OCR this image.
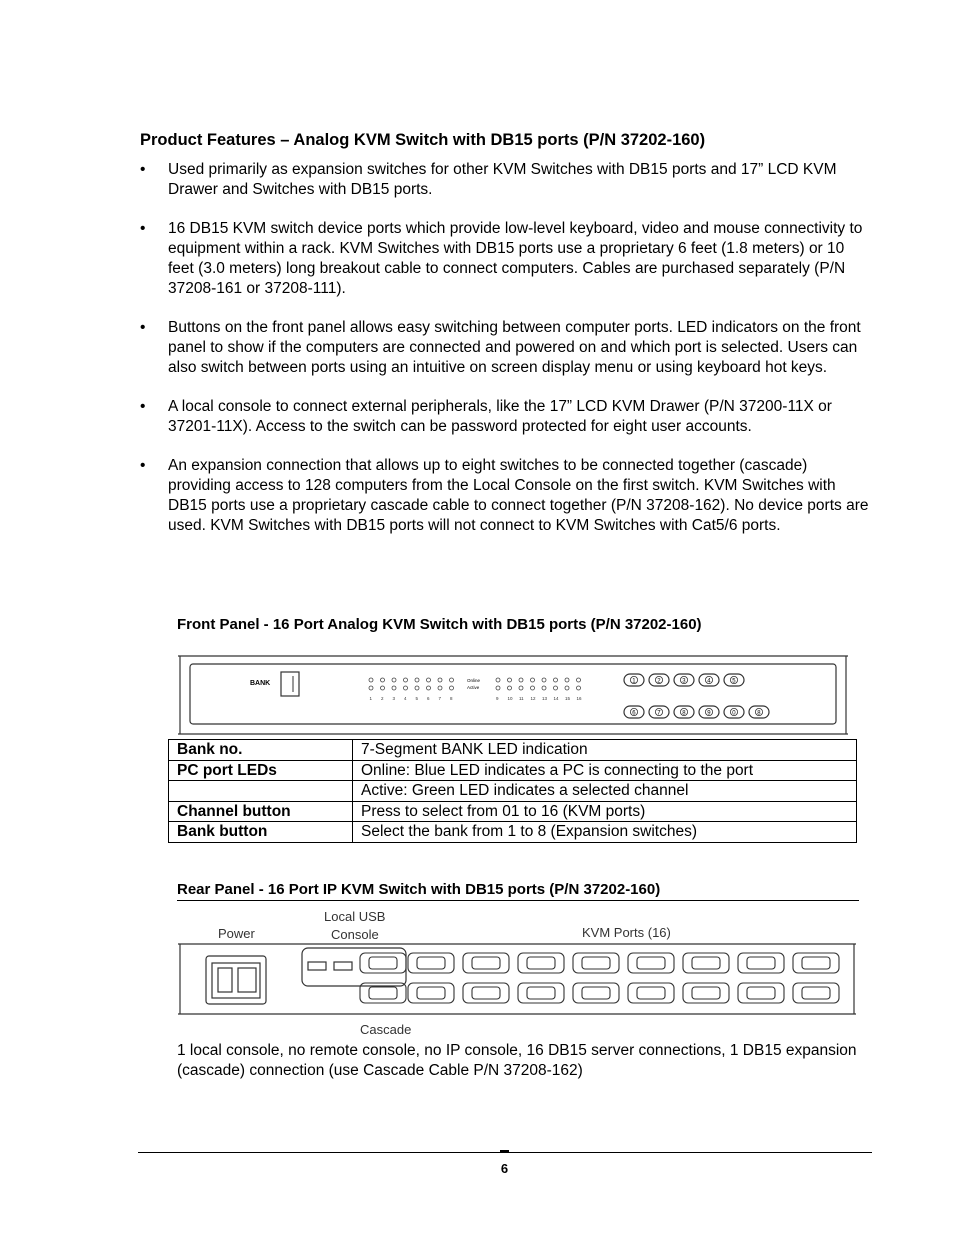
Product Features – Analog KVM Switch with DB15 ports (P/N 37202-160)
• Used primarily as expansion switches for other KVM Switches with DB15 ports and 17” LCD KVM Drawer and Switches with DB15 ports.
• 16 DB15 KVM switch device ports which provide low-level keyboard, video and mouse connectivity to equipment within a rack. KVM Switches with DB15 ports use a proprietary 6 feet (1.8 meters) or 10 feet (3.0 meters) long breakout cable to connect computers. Cables are purchased separately (P/N 37208-161 or 37208-111).
• Buttons on the front panel allows easy switching between computer ports. LED indicators on the front panel to show if the computers are connected and powered on and which port is selected. Users can also switch between ports using an intuitive on screen display menu or using keyboard hot keys.
• A local console to connect external peripherals, like the 17” LCD KVM Drawer (P/N 37200-11X or 37201-11X). Access to the switch can be password protected for eight user accounts.
• An expansion connection that allows up to eight switches to be connected together (cascade) providing access to 128 computers from the Local Console on the first switch. KVM Switches with DB15 ports use a proprietary cascade cable to connect together (P/N 37208-162). No device ports are used. KVM Switches with DB15 ports will not connect to KVM Switches with Cat5/6 ports.
Front Panel - 16 Port Analog KVM Switch with DB15 ports (P/N 37202-160)
BANK	Online
Active
1 2 3 4 5 6 7 8	9 10 11 12 13 14 15 16
1	2	3	4	5
6	7	8	9	0	8
Bank no.	7-Segment BANK LED indication
PC port LEDs	Online: Blue LED indicates a PC is connecting to the port
	Active: Green LED indicates a selected channel
Channel button	Press to select from 01 to 16 (KVM ports)
Bank button	Select the bank from 1 to 8 (Expansion switches)
Rear Panel - 16 Port IP KVM Switch with DB15 ports (P/N 37202-160)
Power
Local USB
Console	KVM Ports (16)
Cascade

1 local console, no remote console, no IP console, 16 DB15 server connections, 1 DB15 expansion (cascade) connection (use Cascade Cable P/N 37208-162)

6
